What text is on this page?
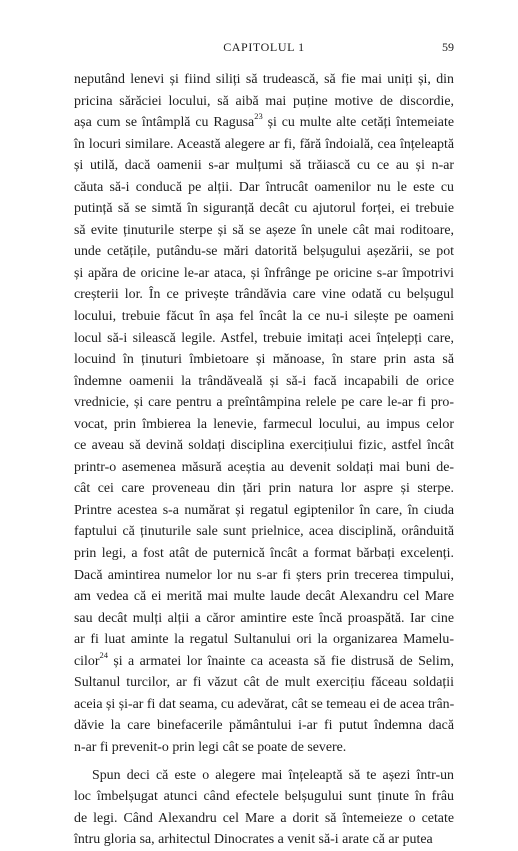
CAPITOLUL 1	59
neputând lenevi și fiind siliți să trudească, să fie mai uniți și, din
pricina sărăciei locului, să aibă mai puține motive de discordie,
așa cum se întâmplă cu Ragusa$^{23}$ și cu multe alte cetăți întemeiate
în locuri similare. Această alegere ar fi, fără îndoială, cea înțeleaptă
și utilă, dacă oamenii s-ar mulțumi să trăiască cu ce au și n-ar
căuta să-i conducă pe alții. Dar întrucât oamenilor nu le este cu
putință să se simtă în siguranță decât cu ajutorul forței, ei trebuie
să evite ținuturile sterpe și să se așeze în unele cât mai roditoare,
unde cetățile, putându-se mări datorită belșugului așezării, se pot
și apăra de oricine le-ar ataca, și înfrânge pe oricine s-ar împotrivi
creșterii lor. În ce privește trândăvia care vine odată cu belșugul
locului, trebuie făcut în așa fel încât la ce nu-i silește pe oameni
locul să-i silească legile. Astfel, trebuie imitați acei înțelepți care,
locuind în ținuturi îmbietoare și mănoase, în stare prin asta să
îndemne oamenii la trândăveală și să-i facă incapabili de orice
vrednicie, și care pentru a preîntâmpina relele pe care le-ar fi pro-
vocat, prin îmbierea la lenevie, farmecul locului, au impus celor
ce aveau să devină soldați disciplina exercițiului fizic, astfel încât
printr-o asemenea măsură aceștia au devenit soldați mai buni de-
cât cei care proveneau din țări prin natura lor aspre și sterpe.
Printre acestea s-a numărat și regatul egiptenilor în care, în ciuda
faptului că ținuturile sale sunt prielnice, acea disciplină, orânduită
prin legi, a fost atât de puternică încât a format bărbați excelenți.
Dacă amintirea numelor lor nu s-ar fi șters prin trecerea timpului,
am vedea că ei merită mai multe laude decât Alexandru cel Mare
sau decât mulți alții a căror amintire este încă proaspătă. Iar cine
ar fi luat aminte la regatul Sultanului ori la organizarea Mamelu-
cilor$^{24}$ și a armatei lor înainte ca aceasta să fie distrusă de Selim,
Sultanul turcilor, ar fi văzut cât de mult exercițiu făceau soldații
aceia și și-ar fi dat seama, cu adevărat, cât se temeau ei de acea trân-
dăvie la care binefacerile pământului i-ar fi putut îndemna dacă
n-ar fi prevenit-o prin legi cât se poate de severe.
Spun deci că este o alegere mai înțeleaptă să te așezi într-un
loc îmbelșugat atunci când efectele belșugului sunt ținute în frâu
de legi. Când Alexandru cel Mare a dorit să întemeieze o cetate
întru gloria sa, arhitectul Dinocrates a venit să-i arate că ar putea
